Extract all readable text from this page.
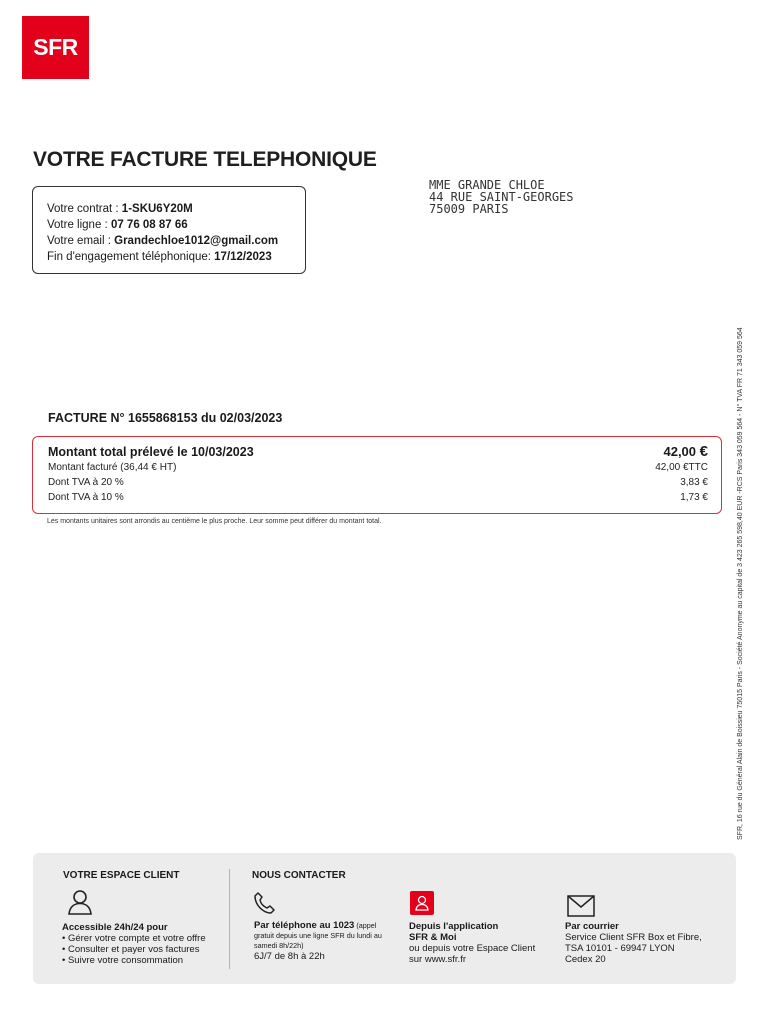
SFR
VOTRE FACTURE TELEPHONIQUE
Votre contrat : 1-SKU6Y20M
Votre ligne : 07 76 08 87 66
Votre email : Grandechloe1012@gmail.com
Fin d'engagement téléphonique: 17/12/2023
MME GRANDE CHLOE
44 RUE SAINT-GEORGES
75009 PARIS
FACTURE N° 1655868153 du 02/03/2023
Montant total prélevé le 10/03/2023	42,00 €
Montant facturé (36,44 € HT)	42,00 €TTC
Dont TVA à 20 %	3,83 €
Dont TVA à 10 %	1,73 €
Les montants unitaires sont arrondis au centième le plus proche. Leur somme peut différer du montant total.	SFR, 16 rue du Général Alain de Boissieu 75015 Paris - Société Anonyme au capital de 3 423 265 598,40 EUR -RCS Paris 343 059 564 - N° TVA FR 71 343 059 564
VOTRE ESPACE CLIENT
Accessible 24h/24 pour
• Gérer votre compte et votre offre
• Consulter et payer vos factures
• Suivre votre consommation
NOUS CONTACTER
Par téléphone au 1023 (appel
gratuit depuis une ligne SFR du lundi au
samedi 8h/22h)
6J/7 de 8h à 22h
Depuis l'application
SFR & Moi
ou depuis votre Espace Client
sur www.sfr.fr
Par courrier
Service Client SFR Box et Fibre,
TSA 10101 - 69947 LYON
Cedex 20
